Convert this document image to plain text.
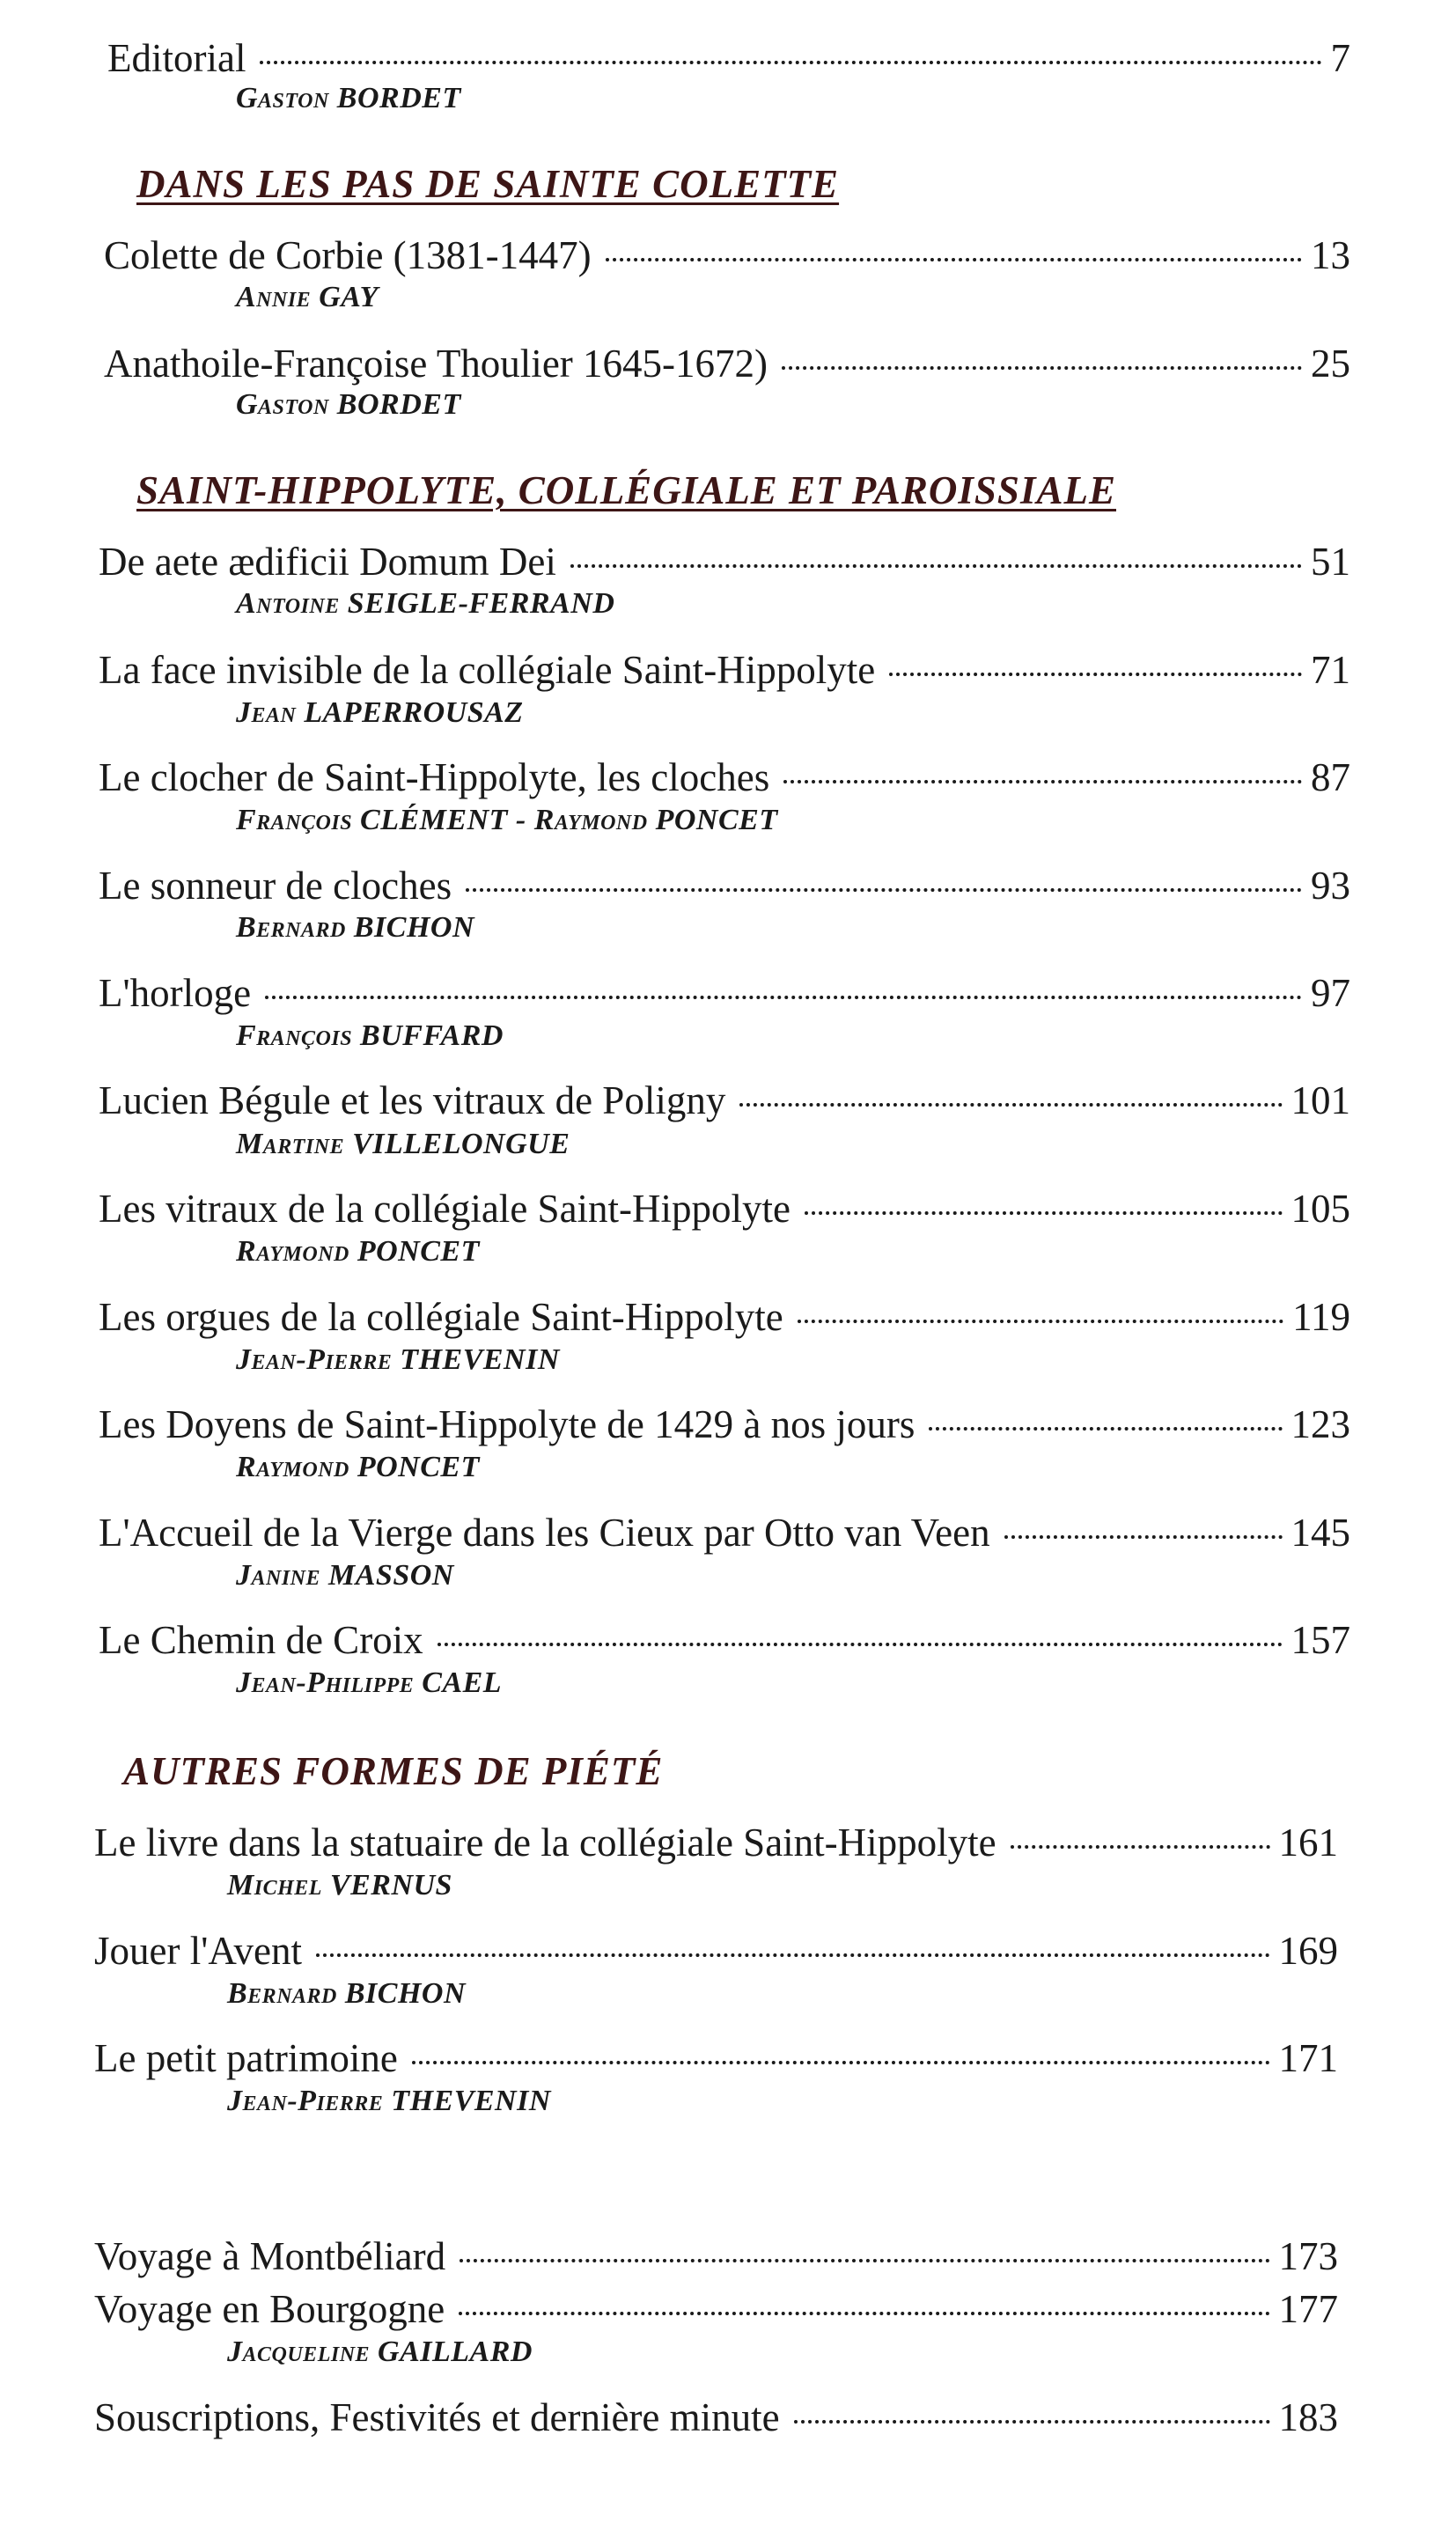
Editorial	7
Gaston BORDET
DANS LES PAS DE SAINTE COLETTE
Colette de Corbie (1381-1447)	13
Annie GAY
Anathoile-Françoise Thoulier 1645-1672)	25
Gaston BORDET
SAINT-HIPPOLYTE, COLLÉGIALE ET PAROISSIALE
De aete ædificii Domum Dei	51
Antoine SEIGLE-FERRAND
La face invisible de la collégiale Saint-Hippolyte	71
Jean LAPERROUSAZ
Le clocher de Saint-Hippolyte, les cloches	87
François CLÉMENT - Raymond PONCET
Le sonneur de cloches	93
Bernard BICHON
L'horloge	97
François BUFFARD
Lucien Bégule et les vitraux de Poligny	101
Martine VILLELONGUE
Les vitraux de la collégiale Saint-Hippolyte	105
Raymond PONCET
Les orgues de la collégiale Saint-Hippolyte	119
Jean-Pierre THEVENIN
Les Doyens de Saint-Hippolyte de 1429 à nos jours	123
Raymond PONCET
L'Accueil de la Vierge dans les Cieux par Otto van Veen	145
Janine MASSON
Le Chemin de Croix	157
Jean-Philippe CAEL
AUTRES FORMES DE PIÉTÉ
Le livre dans la statuaire de la collégiale Saint-Hippolyte	161
Michel VERNUS
Jouer l'Avent	169
Bernard BICHON
Le petit patrimoine	171
Jean-Pierre THEVENIN
Voyage à Montbéliard	173
Voyage en Bourgogne	177
Jacqueline GAILLARD
Souscriptions, Festivités et dernière minute	183
